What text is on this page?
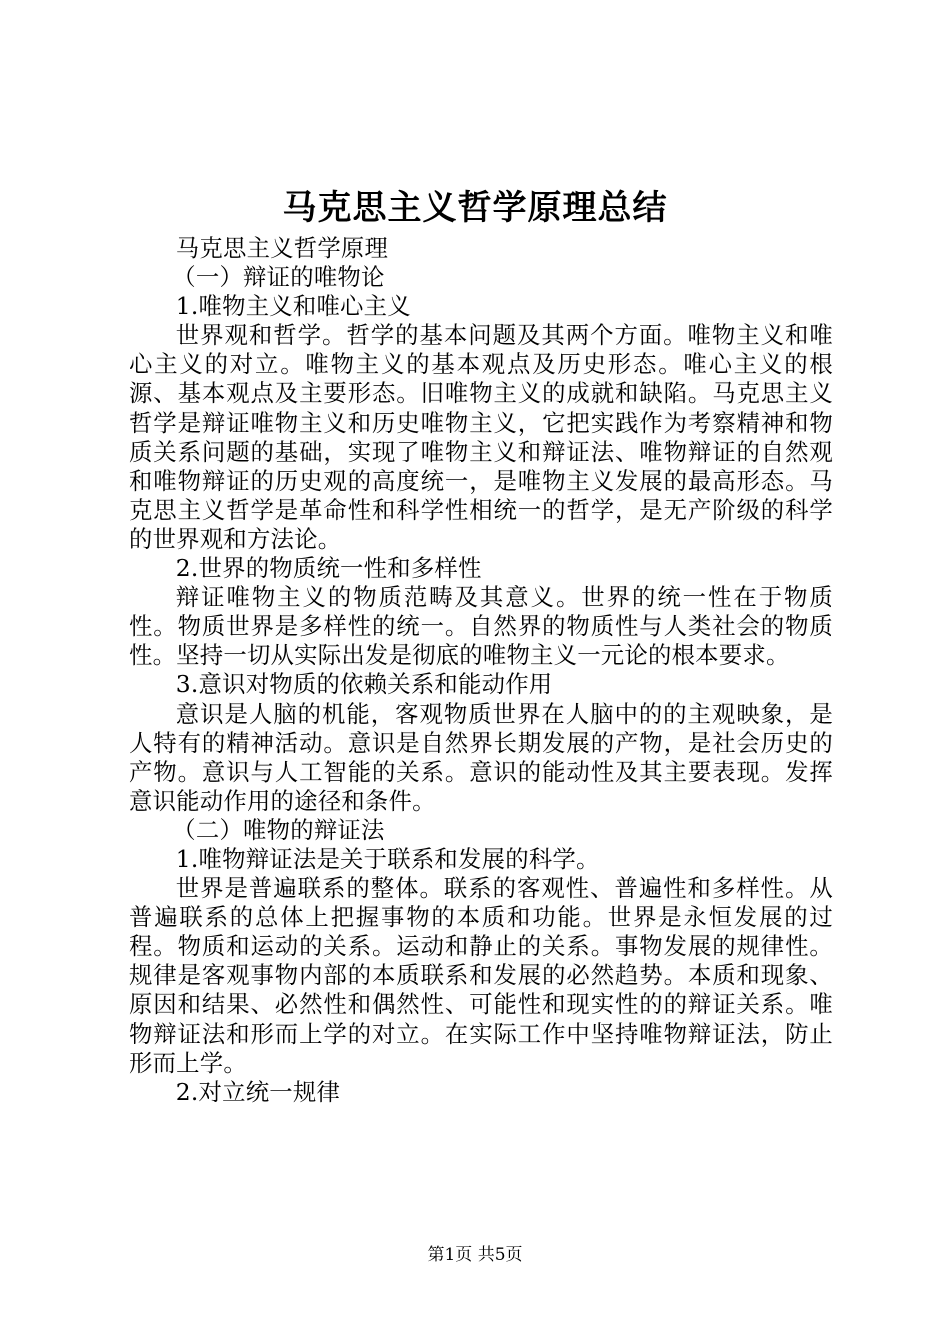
马克思主义哲学原理总结

马克思主义哲学原理

（一）辩证的唯物论

1.唯物主义和唯心主义

世界观和哲学。哲学的基本问题及其两个方面。唯物主义和唯心主义的对立。唯物主义的基本观点及历史形态。唯心主义的根源、基本观点及主要形态。旧唯物主义的成就和缺陷。马克思主义哲学是辩证唯物主义和历史唯物主义，它把实践作为考察精神和物质关系问题的基础，实现了唯物主义和辩证法、唯物辩证的自然观和唯物辩证的历史观的高度统一，是唯物主义发展的最高形态。马克思主义哲学是革命性和科学性相统一的哲学，是无产阶级的科学的世界观和方法论。

2.世界的物质统一性和多样性

辩证唯物主义的物质范畴及其意义。世界的统一性在于物质性。物质世界是多样性的统一。自然界的物质性与人类社会的物质性。坚持一切从实际出发是彻底的唯物主义一元论的根本要求。

3.意识对物质的依赖关系和能动作用

意识是人脑的机能，客观物质世界在人脑中的的主观映象，是人特有的精神活动。意识是自然界长期发展的产物，是社会历史的产物。意识与人工智能的关系。意识的能动性及其主要表现。发挥意识能动作用的途径和条件。

（二）唯物的辩证法

1.唯物辩证法是关于联系和发展的科学。

世界是普遍联系的整体。联系的客观性、普遍性和多样性。从普遍联系的总体上把握事物的本质和功能。世界是永恒发展的过程。物质和运动的关系。运动和静止的关系。事物发展的规律性。规律是客观事物内部的本质联系和发展的必然趋势。本质和现象、原因和结果、必然性和偶然性、可能性和现实性的的辩证关系。唯物辩证法和形而上学的对立。在实际工作中坚持唯物辩证法，防止形而上学。

2.对立统一规律

第1页 共5页
